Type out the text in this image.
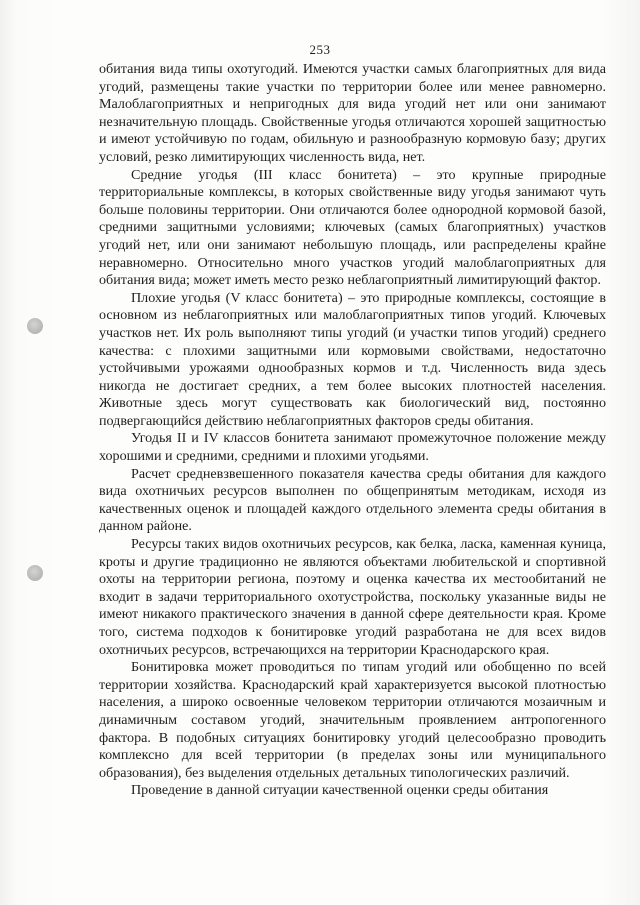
253

обитания вида типы охотугодий. Имеются участки самых благоприятных для вида угодий, размещены такие участки по территории более или менее равномерно. Малоблагоприятных и непригодных для вида угодий нет или они занимают незначительную площадь. Свойственные угодья отличаются хорошей защитностью и имеют устойчивую по годам, обильную и разнообразную кормовую базу; других условий, резко лимитирующих численность вида, нет.

Средние угодья (III класс бонитета) – это крупные природные территориальные комплексы, в которых свойственные виду угодья занимают чуть больше половины территории. Они отличаются более однородной кормовой базой, средними защитными условиями; ключевых (самых благоприятных) участков угодий нет, или они занимают небольшую площадь, или распределены крайне неравномерно. Относительно много участков угодий малоблагоприятных для обитания вида; может иметь место резко неблагоприятный лимитирующий фактор.

Плохие угодья (V класс бонитета) – это природные комплексы, состоящие в основном из неблагоприятных или малоблагоприятных типов угодий. Ключевых участков нет. Их роль выполняют типы угодий (и участки типов угодий) среднего качества: с плохими защитными или кормовыми свойствами, недостаточно устойчивыми урожаями однообразных кормов и т.д. Численность вида здесь никогда не достигает средних, а тем более высоких плотностей населения. Животные здесь могут существовать как биологический вид, постоянно подвергающийся действию неблагоприятных факторов среды обитания.

Угодья II и IV классов бонитета занимают промежуточное положение между хорошими и средними, средними и плохими угодьями.

Расчет средневзвешенного показателя качества среды обитания для каждого вида охотничьих ресурсов выполнен по общепринятым методикам, исходя из качественных оценок и площадей каждого отдельного элемента среды обитания в данном районе.

Ресурсы таких видов охотничьих ресурсов, как белка, ласка, каменная куница, кроты и другие традиционно не являются объектами любительской и спортивной охоты на территории региона, поэтому и оценка качества их местообитаний не входит в задачи территориального охотустройства, поскольку указанные виды не имеют никакого практического значения в данной сфере деятельности края. Кроме того, система подходов к бонитировке угодий разработана не для всех видов охотничьих ресурсов, встречающихся на территории Краснодарского края.

Бонитировка может проводиться по типам угодий или обобщенно по всей территории хозяйства. Краснодарский край характеризуется высокой плотностью населения, а широко освоенные человеком территории отличаются мозаичным и динамичным составом угодий, значительным проявлением антропогенного фактора. В подобных ситуациях бонитировку угодий целесообразно проводить комплексно для всей территории (в пределах зоны или муниципального образования), без выделения отдельных детальных типологических различий.

Проведение в данной ситуации качественной оценки среды обитания
